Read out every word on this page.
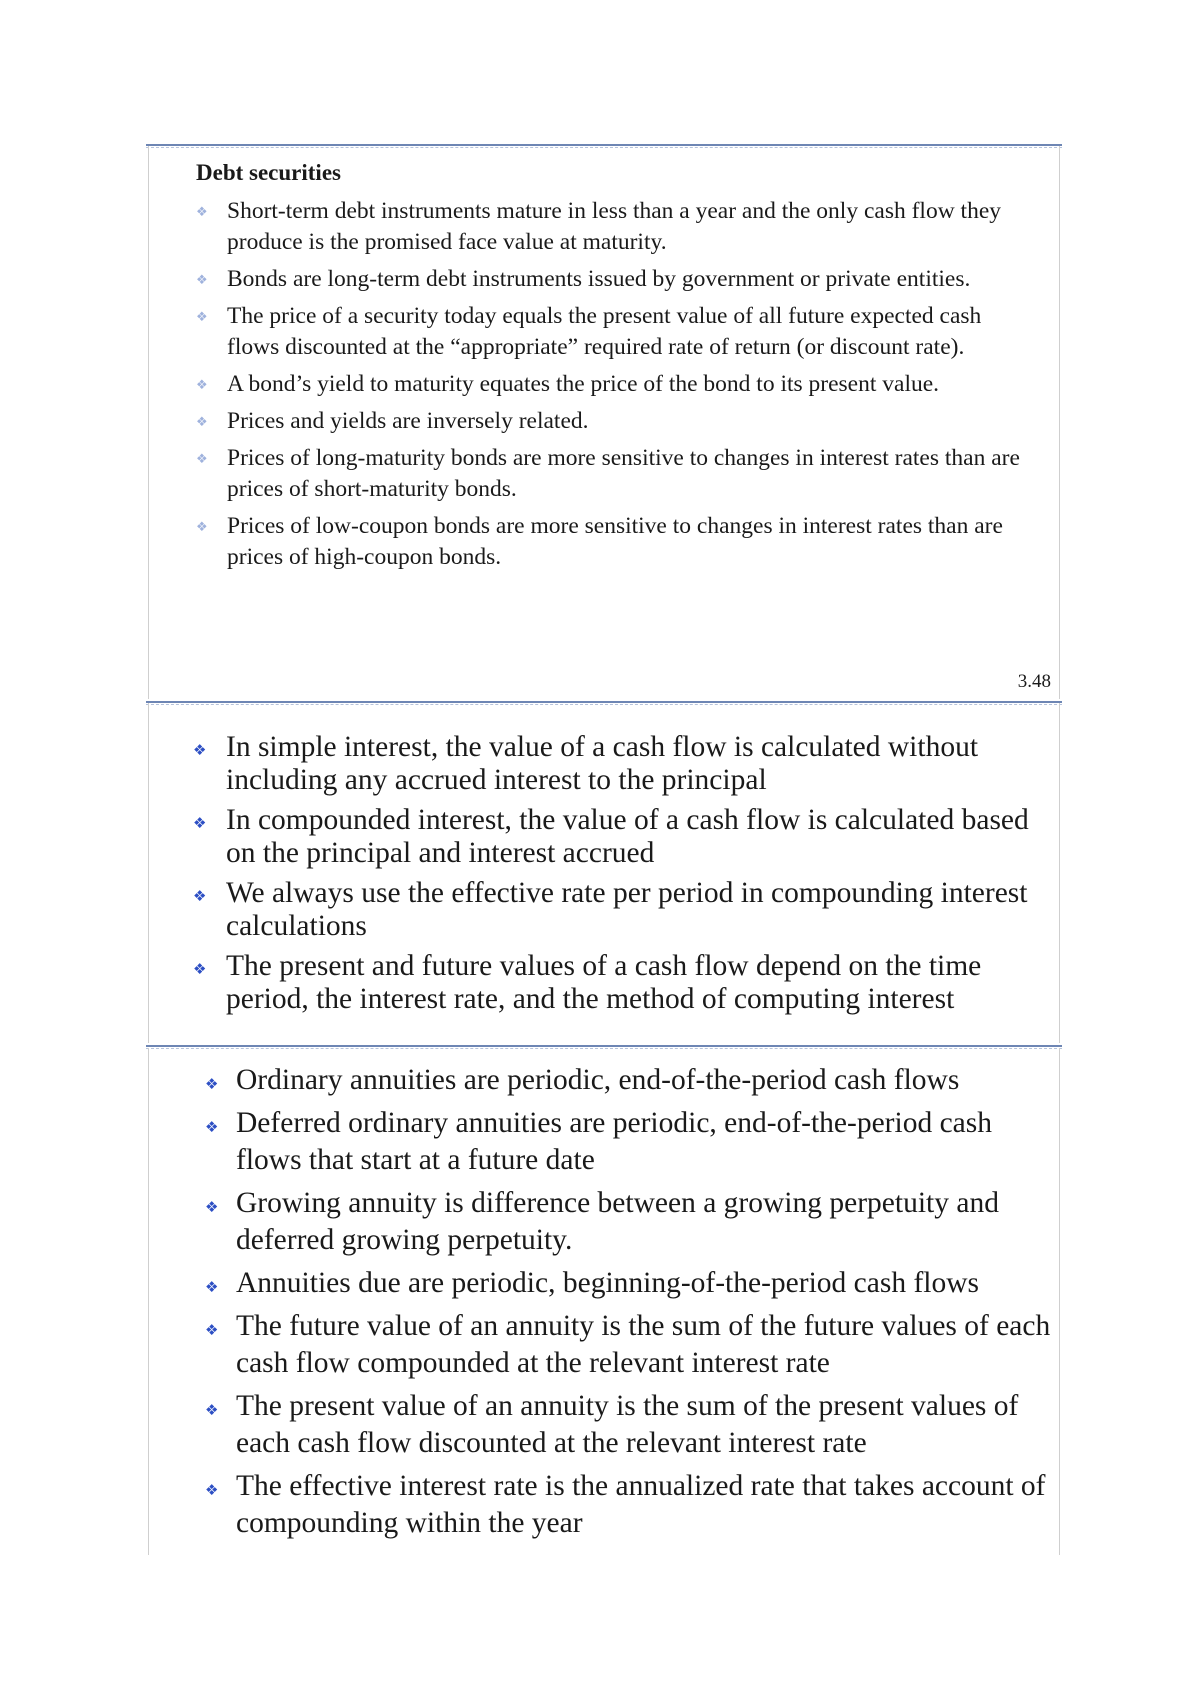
Debt securities
❖ Short-term debt instruments mature in less than a year and the only cash flow they produce is the promised face value at maturity.
❖ Bonds are long-term debt instruments issued by government or private entities.
❖ The price of a security today equals the present value of all future expected cash flows discounted at the “appropriate” required rate of return (or discount rate).
❖ A bond’s yield to maturity equates the price of the bond to its present value.
❖ Prices and yields are inversely related.
❖ Prices of long-maturity bonds are more sensitive to changes in interest rates than are prices of short-maturity bonds.
❖ Prices of low-coupon bonds are more sensitive to changes in interest rates than are prices of high-coupon bonds.
3.48
❖ In simple interest, the value of a cash flow is calculated without including any accrued interest to the principal
❖ In compounded interest, the value of a cash flow is calculated based on the principal and interest accrued
❖ We always use the effective rate per period in compounding interest calculations
❖ The present and future values of a cash flow depend on the time period, the interest rate, and the method of computing interest
❖ Ordinary annuities are periodic, end-of-the-period cash flows
❖ Deferred ordinary annuities are periodic, end-of-the-period cash flows that start at a future date
❖ Growing annuity is difference between a growing perpetuity and deferred growing perpetuity.
❖ Annuities due are periodic, beginning-of-the-period cash flows
❖ The future value of an annuity is the sum of the future values of each cash flow compounded at the relevant interest rate
❖ The present value of an annuity is the sum of the present values of each cash flow discounted at the relevant interest rate
❖ The effective interest rate is the annualized rate that takes account of compounding within the year
